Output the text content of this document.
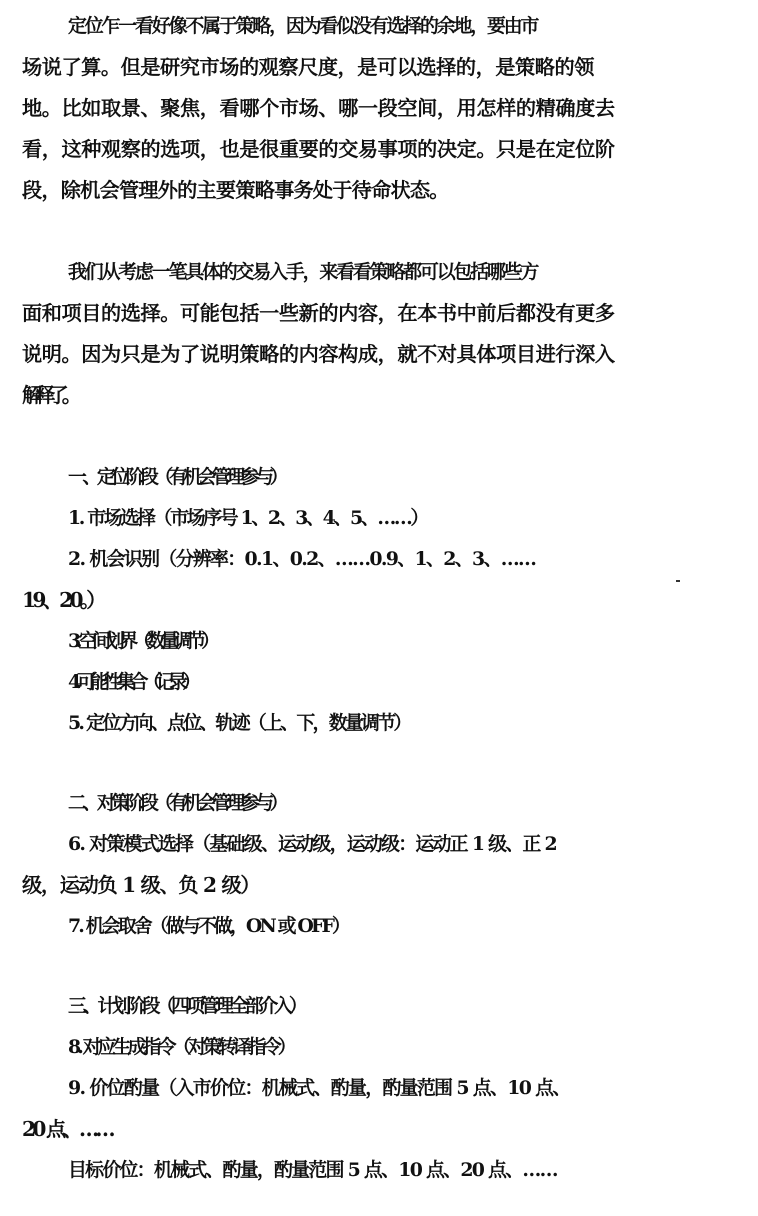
定位乍一看好像不属于策略，因为看似没有选择的余地，要由市
场说了算。但是研究市场的观察尺度，是可以选择的，是策略的领
地。比如取景、聚焦，看哪个市场、哪一段空间，用怎样的精确度去
看，这种观察的选项，也是很重要的交易事项的决定。只是在定位阶
段，除机会管理外的主要策略事务处于待命状态。
我们从考虑一笔具体的交易入手，来看看策略都可以包括哪些方
面和项目的选择。可能包括一些新的内容，在本书中前后都没有更多
说明。因为只是为了说明策略的内容构成，就不对具体项目进行深入
解释了。
一、定位阶段（有机会管理参与）
1. 市场选择（市场序号 1、2、3、4、5、……）
2. 机会识别（分辨率：0.1、0.2、……0.9、1、2、3、……
19、20。）
3. 空间划界（数量调节）
4. 可能性集合（记录）
5. 定位方向、点位、轨迹（上、下，数量调节）
二、对策阶段（有机会管理参与）
6. 对策模式选择（基础级、运动级，运动级：运动正 1 级、正 2
级，运动负 1 级、负 2 级）
7. 机会取舍（做与不做，ON 或 OFF）
三、计划阶段（四项管理全部介入）
8. 对应生成指令（对策转译指令）
9. 价位酌量（入市价位：机械式、酌量，酌量范围 5 点、10 点、
20 点、……
目标价位：机械式、酌量，酌量范围 5 点、10 点、20 点、……
